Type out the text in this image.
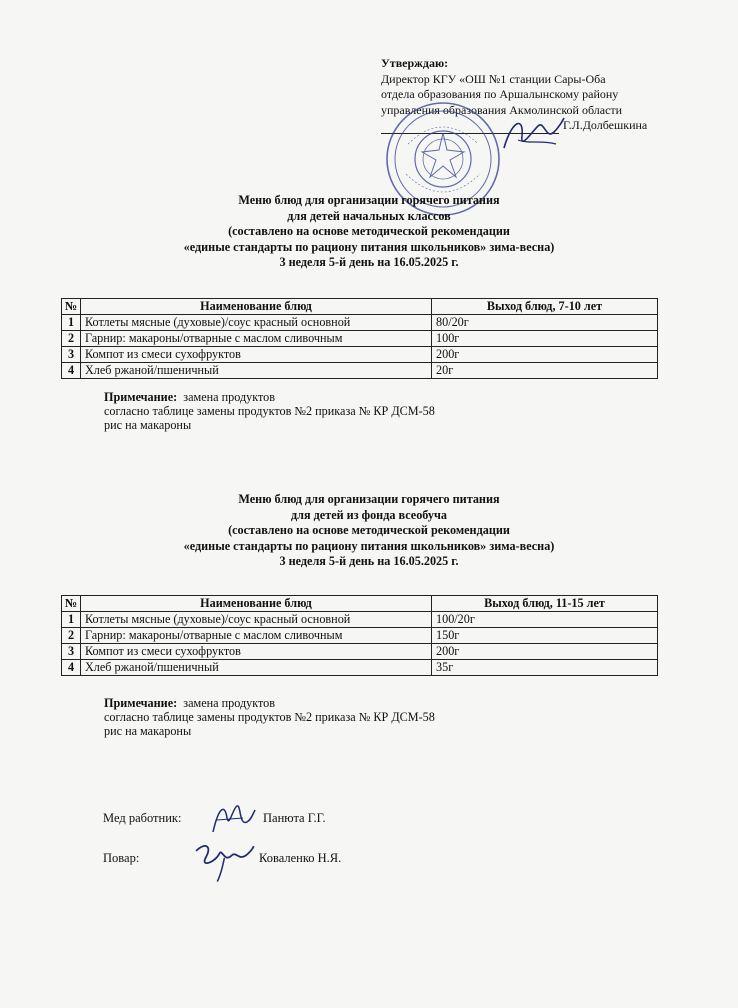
Утверждаю:
Директор КГУ «ОШ №1 станции Сары-Оба
отдела образования по Аршалынскому району
управления образования Акмолинской области
Г.Л.Долбешкина
Меню блюд для организации горячего питания
для детей начальных классов
(составлено на основе методической рекомендации
«единые стандарты по рациону питания школьников» зима-весна)
3 неделя 5-й день на 16.05.2025 г.
№	Наименование блюд	Выход блюд, 7-10 лет
1	Котлеты мясные (духовые)/соус красный основной	80/20г
2	Гарнир: макароны/отварные с маслом сливочным	100г
3	Компот из смеси сухофруктов	200г
4	Хлеб ржаной/пшеничный	20г
Примечание: замена продуктов
согласно таблице замены продуктов №2 приказа № КР ДСМ-58
рис на макароны
Меню блюд для организации горячего питания
для детей из фонда всеобуча
(составлено на основе методической рекомендации
«единые стандарты по рациону питания школьников» зима-весна)
3 неделя 5-й день на 16.05.2025 г.
№	Наименование блюд	Выход блюд, 11-15 лет
1	Котлеты мясные (духовые)/соус красный основной	100/20г
2	Гарнир: макароны/отварные с маслом сливочным	150г
3	Компот из смеси сухофруктов	200г
4	Хлеб ржаной/пшеничный	35г
Примечание: замена продуктов
согласно таблице замены продуктов №2 приказа № КР ДСМ-58
рис на макароны
Мед работник:	Панюта Г.Г.
Повар:	Коваленко Н.Я.
